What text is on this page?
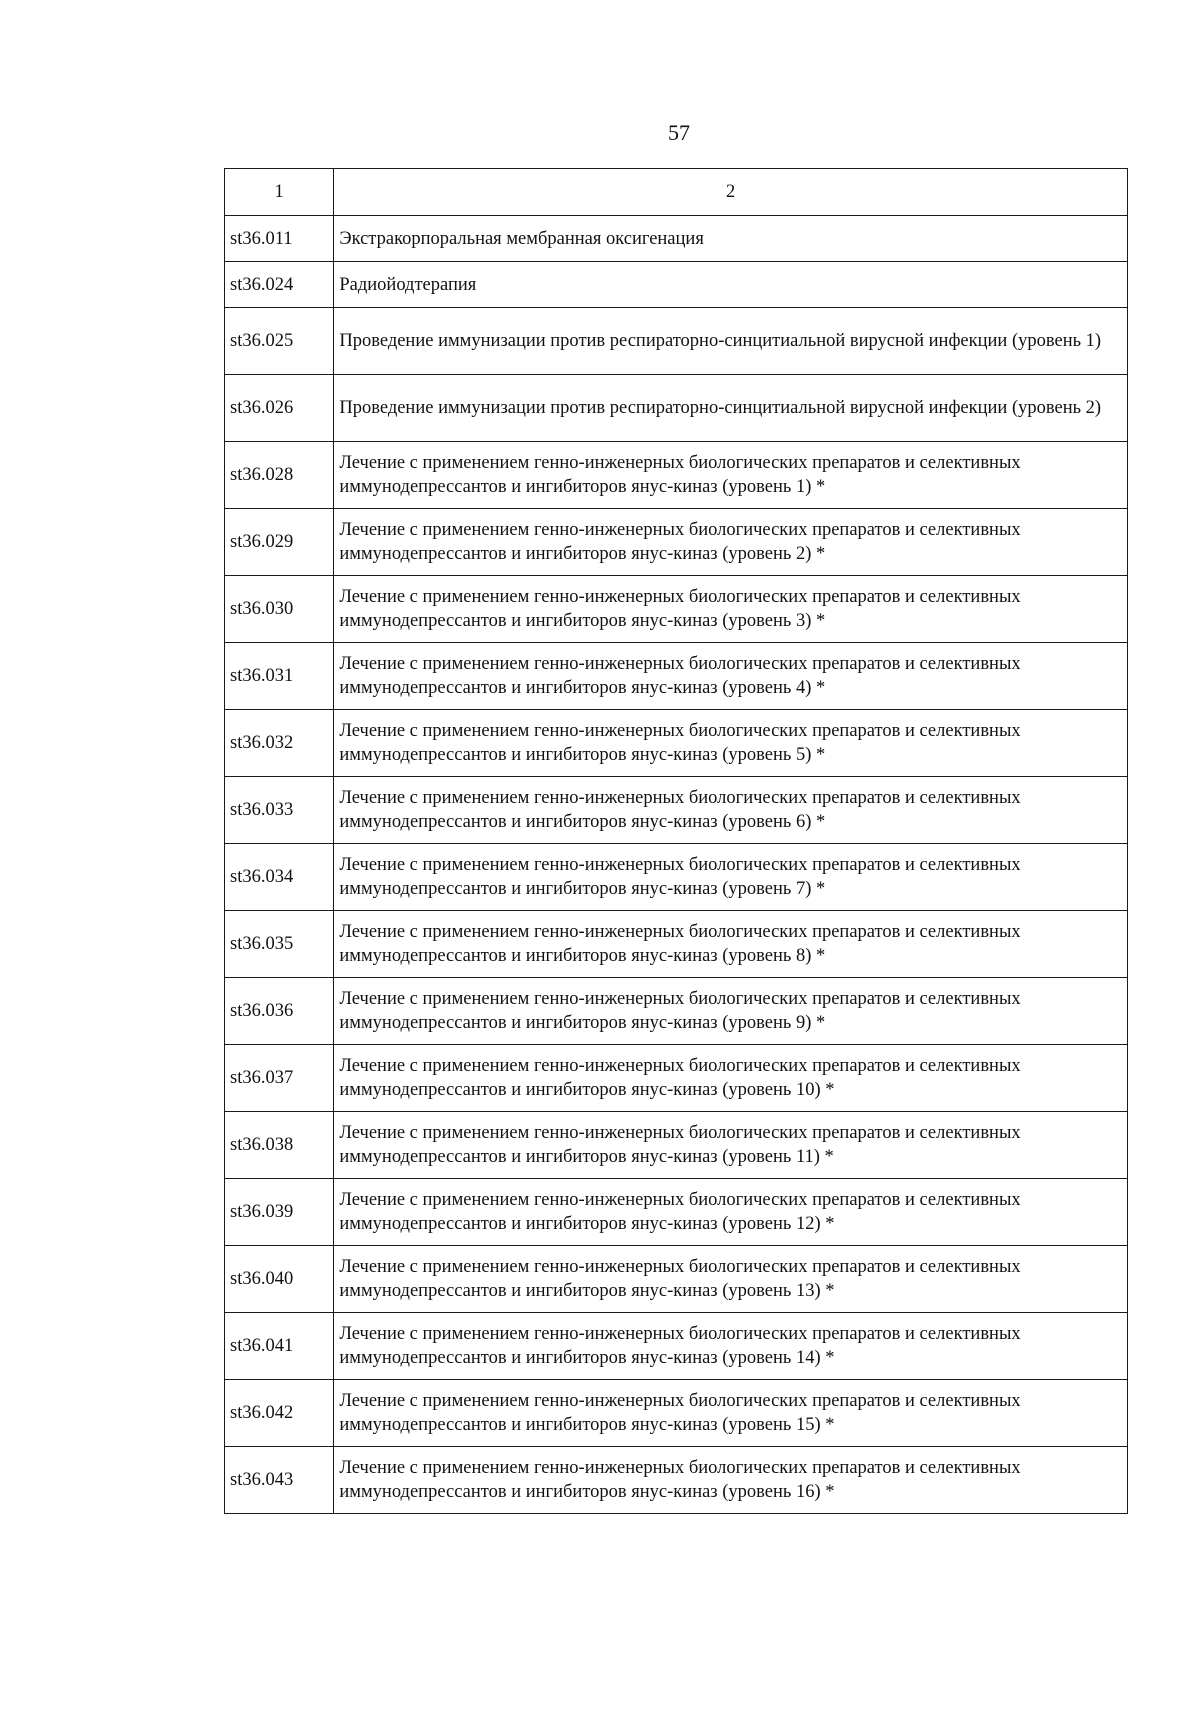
57
1	2
st36.011	Экстракорпоральная мембранная оксигенация
st36.024	Радиойодтерапия
st36.025	Проведение иммунизации против респираторно-синцитиальной вирусной инфекции (уровень 1)
st36.026	Проведение иммунизации против респираторно-синцитиальной вирусной инфекции (уровень 2)
st36.028	Лечение с применением генно-инженерных биологических препаратов и селективных иммунодепрессантов и ингибиторов янус-киназ (уровень 1) *
st36.029	Лечение с применением генно-инженерных биологических препаратов и селективных иммунодепрессантов и ингибиторов янус-киназ (уровень 2) *
st36.030	Лечение с применением генно-инженерных биологических препаратов и селективных иммунодепрессантов и ингибиторов янус-киназ (уровень 3) *
st36.031	Лечение с применением генно-инженерных биологических препаратов и селективных иммунодепрессантов и ингибиторов янус-киназ (уровень 4) *
st36.032	Лечение с применением генно-инженерных биологических препаратов и селективных иммунодепрессантов и ингибиторов янус-киназ (уровень 5) *
st36.033	Лечение с применением генно-инженерных биологических препаратов и селективных иммунодепрессантов и ингибиторов янус-киназ (уровень 6) *
st36.034	Лечение с применением генно-инженерных биологических препаратов и селективных иммунодепрессантов и ингибиторов янус-киназ (уровень 7) *
st36.035	Лечение с применением генно-инженерных биологических препаратов и селективных иммунодепрессантов и ингибиторов янус-киназ (уровень 8) *
st36.036	Лечение с применением генно-инженерных биологических препаратов и селективных иммунодепрессантов и ингибиторов янус-киназ (уровень 9) *
st36.037	Лечение с применением генно-инженерных биологических препаратов и селективных иммунодепрессантов и ингибиторов янус-киназ (уровень 10) *
st36.038	Лечение с применением генно-инженерных биологических препаратов и селективных иммунодепрессантов и ингибиторов янус-киназ (уровень 11) *
st36.039	Лечение с применением генно-инженерных биологических препаратов и селективных иммунодепрессантов и ингибиторов янус-киназ (уровень 12) *
st36.040	Лечение с применением генно-инженерных биологических препаратов и селективных иммунодепрессантов и ингибиторов янус-киназ (уровень 13) *
st36.041	Лечение с применением генно-инженерных биологических препаратов и селективных иммунодепрессантов и ингибиторов янус-киназ (уровень 14) *
st36.042	Лечение с применением генно-инженерных биологических препаратов и селективных иммунодепрессантов и ингибиторов янус-киназ (уровень 15) *
st36.043	Лечение с применением генно-инженерных биологических препаратов и селективных иммунодепрессантов и ингибиторов янус-киназ (уровень 16) *
